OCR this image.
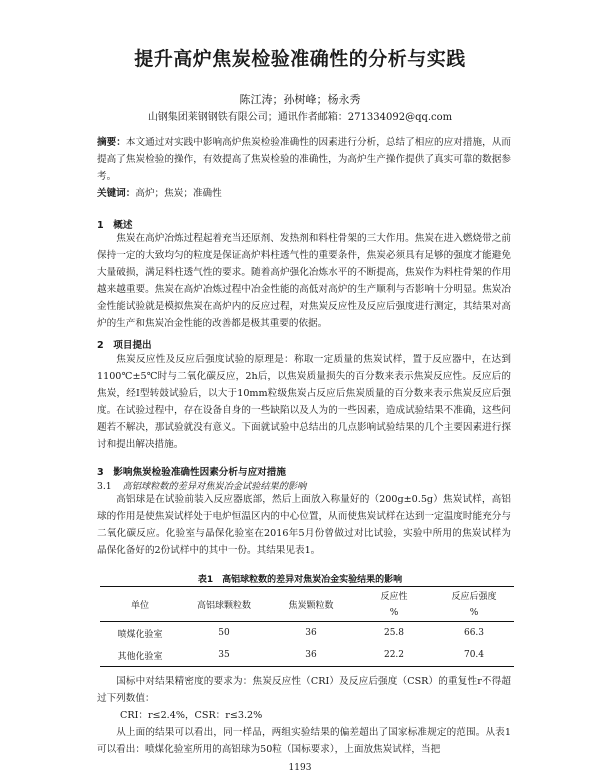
提升高炉焦炭检验准确性的分析与实践
陈江涛；孙树峰；杨永秀
山钢集团莱钢钢铁有限公司；通讯作者邮箱：271334092@qq.com
摘要：本文通过对实践中影响高炉焦炭检验准确性的因素进行分析，总结了相应的应对措施，从而提高了焦炭检验的操作，有效提高了焦炭检验的准确性，为高炉生产操作提供了真实可靠的数据参考。
关键词：高炉；焦炭；准确性
1　概述
焦炭在高炉冶炼过程起着充当还原剂、发热剂和料柱骨架的三大作用。焦炭在进入燃烧带之前保持一定的大致均匀的粒度是保证高炉料柱透气性的重要条件，焦炭必须具有足够的强度才能避免大量破损，满足料柱透气性的要求。随着高炉强化冶炼水平的不断提高，焦炭作为料柱骨架的作用越来越重要。焦炭在高炉冶炼过程中冶金性能的高低对高炉的生产顺利与否影响十分明显。焦炭冶金性能试验就是模拟焦炭在高炉内的反应过程，对焦炭反应性及反应后强度进行测定，其结果对高炉的生产和焦炭冶金性能的改善都是极其重要的依据。
2　项目提出
焦炭反应性及反应后强度试验的原理是：称取一定质量的焦炭试样，置于反应器中，在达到1100℃±5℃时与二氧化碳反应，2h后，以焦炭质量损失的百分数来表示焦炭反应性。反应后的焦炭，经I型转鼓试验后，以大于10mm粒级焦炭占反应后焦炭质量的百分数来表示焦炭反应后强度。在试验过程中，存在设备自身的一些缺陷以及人为的一些因素，造成试验结果不准确，这些问题若不解决，那试验就没有意义。下面就试验中总结出的几点影响试验结果的几个主要因素进行探讨和提出解决措施。
3　影响焦炭检验准确性因素分析与应对措施
3.1 高铝球粒数的差异对焦炭冶金试验结果的影响
高铝球是在试验前装入反应器底部，然后上面放入称量好的（200g±0.5g）焦炭试样，高铝球的作用是使焦炭试样处于电炉恒温区内的中心位置，从而使焦炭试样在达到一定温度时能充分与二氧化碳反应。化验室与晶保化验室在2016年5月份曾做过对比试验，实验中所用的焦炭试样为晶保化备好的2份试样中的其中一份。其结果见表1。
表1　高铝球粒数的差异对焦炭冶金实验结果的影响
单位	高铝球颗粒数	焦炭颗粒数	反应性	反应后强度
			%	%
喷煤化验室	50	36	25.8	66.3
其他化验室	35	36	22.2	70.4
国标中对结果精密度的要求为：焦炭反应性（CRI）及反应后强度（CSR）的重复性r不得超过下列数值：
CRI：r≤2.4%，CSR：r≤3.2%
从上面的结果可以看出，同一样品，两组实验结果的偏差超出了国家标准规定的范围。从表1可以看出：喷煤化验室所用的高铝球为50粒（国标要求），上面放焦炭试样，当把
1193
